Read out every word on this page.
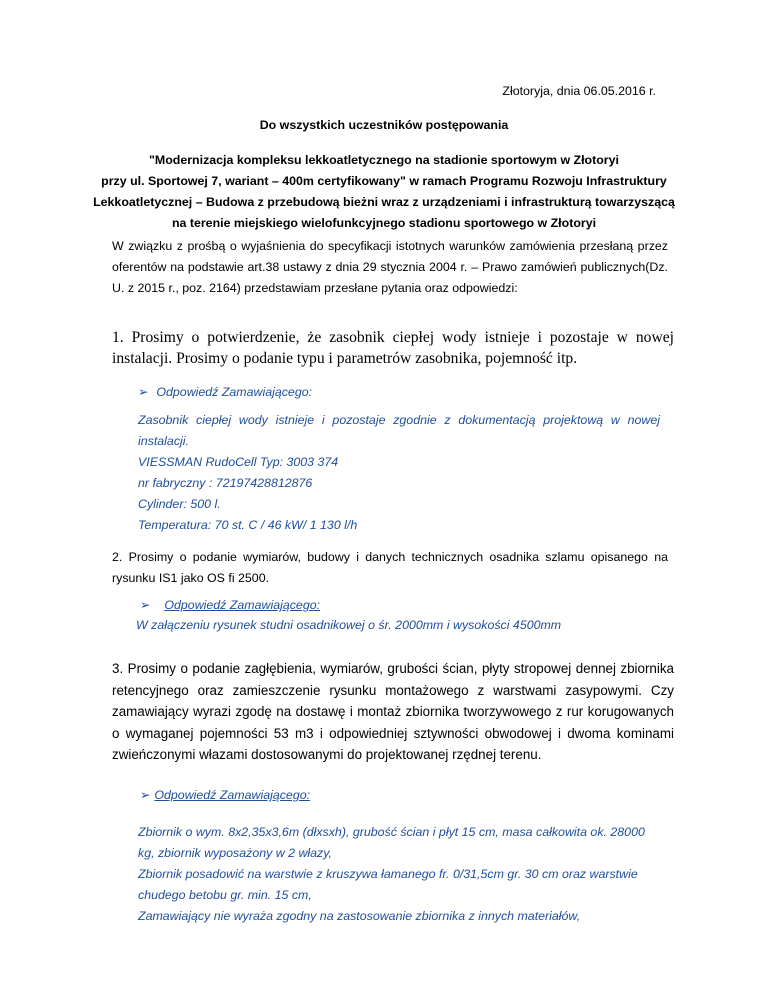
Złotoryja, dnia 06.05.2016 r.
Do wszystkich uczestników postępowania
"Modernizacja kompleksu lekkoatletycznego na stadionie sportowym w Złotoryi
przy ul. Sportowej 7, wariant – 400m certyfikowany" w ramach Programu Rozwoju Infrastruktury
Lekkoatletycznej – Budowa z przebudową bieżni wraz z urządzeniami i infrastrukturą towarzyszącą
na terenie miejskiego wielofunkcyjnego stadionu sportowego w Złotoryi
W związku z prośbą o wyjaśnienia do specyfikacji istotnych warunków zamówienia przesłaną przez oferentów na podstawie art.38 ustawy z dnia 29 stycznia 2004 r. – Prawo zamówień publicznych(Dz. U. z 2015 r., poz. 2164) przedstawiam przesłane pytania oraz odpowiedzi:
1. Prosimy o potwierdzenie, że zasobnik ciepłej wody istnieje i pozostaje w nowej instalacji. Prosimy o podanie typu i parametrów zasobnika, pojemność itp.
➢ Odpowiedź Zamawiającego:
Zasobnik ciepłej wody istnieje i pozostaje zgodnie z dokumentacją projektową w nowej instalacji.
VIESSMAN RudoCell Typ: 3003 374
nr fabryczny : 72197428812876
Cylinder: 500 l.
Temperatura: 70 st. C / 46 kW/ 1 130 l/h
2. Prosimy o podanie wymiarów, budowy i danych technicznych osadnika szlamu opisanego na rysunku IS1 jako OS fi 2500.
➢ Odpowiedź Zamawiającego:
W załączeniu rysunek studni osadnikowej o śr. 2000mm i wysokości 4500mm
3. Prosimy o podanie zagłębienia, wymiarów, grubości ścian, płyty stropowej dennej zbiornika retencyjnego oraz zamieszczenie rysunku montażowego z warstwami zasypowymi. Czy zamawiający wyrazi zgodę na dostawę i montaż zbiornika tworzywowego z rur korugowanych o wymaganej pojemności 53 m3 i odpowiedniej sztywności obwodowej i dwoma kominami zwieńczonymi włazami dostosowanymi do projektowanej rzędnej terenu.
➢ Odpowiedź Zamawiającego:
Zbiornik o wym. 8x2,35x3,6m (dłxsxh), grubość ścian i płyt 15 cm, masa całkowita ok. 28000
kg, zbiornik wyposażony w 2 włazy,
Zbiornik posadowić na warstwie z kruszywa łamanego fr. 0/31,5cm gr. 30 cm oraz warstwie
chudego betobu gr. min. 15 cm,
Zamawiający nie wyraża zgodny na zastosowanie zbiornika z innych materiałów,
